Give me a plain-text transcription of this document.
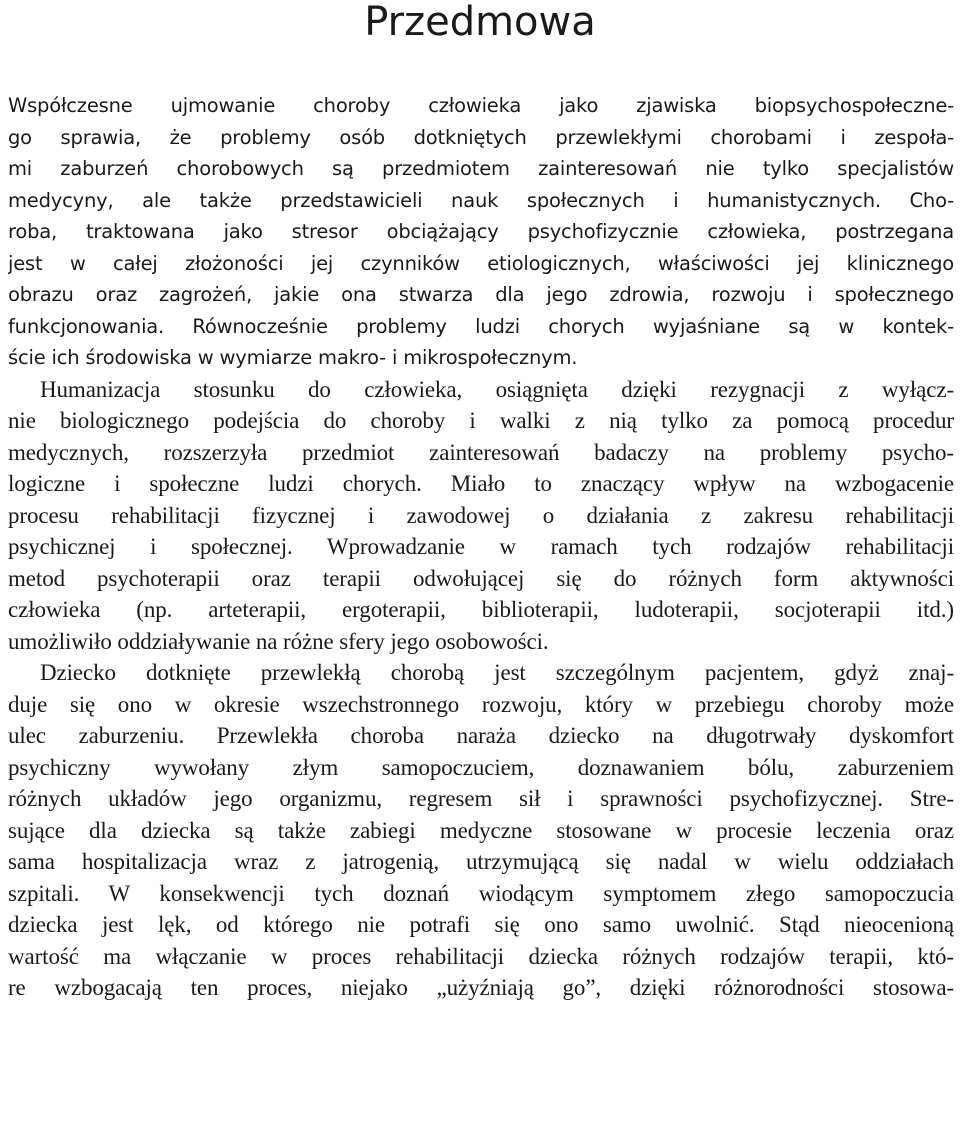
Przedmowa
Współczesne ujmowanie choroby człowieka jako zjawiska biopsychospołeczne-
go sprawia, że problemy osób dotkniętych przewlekłymi chorobami i zespoła-
mi zaburzeń chorobowych są przedmiotem zainteresowań nie tylko specjalistów
medycyny, ale także przedstawicieli nauk społecznych i humanistycznych. Cho-
roba, traktowana jako stresor obciążający psychofizycznie człowieka, postrzegana
jest w całej złożoności jej czynników etiologicznych, właściwości jej klinicznego
obrazu oraz zagrożeń, jakie ona stwarza dla jego zdrowia, rozwoju i społecznego
funkcjonowania. Równocześnie problemy ludzi chorych wyjaśniane są w kontek-
ście ich środowiska w wymiarze makro- i mikrospołecznym.
Humanizacja stosunku do człowieka, osiągnięta dzięki rezygnacji z wyłącz-
nie biologicznego podejścia do choroby i walki z nią tylko za pomocą procedur
medycznych, rozszerzyła przedmiot zainteresowań badaczy na problemy psycho-
logiczne i społeczne ludzi chorych. Miało to znaczący wpływ na wzbogacenie
procesu rehabilitacji fizycznej i zawodowej o działania z zakresu rehabilitacji
psychicznej i społecznej. Wprowadzanie w ramach tych rodzajów rehabilitacji
metod psychoterapii oraz terapii odwołującej się do różnych form aktywności
człowieka (np. arteterapii, ergoterapii, biblioterapii, ludoterapii, socjoterapii itd.)
umożliwiło oddziaływanie na różne sfery jego osobowości.
Dziecko dotknięte przewlekłą chorobą jest szczególnym pacjentem, gdyż znaj-
duje się ono w okresie wszechstronnego rozwoju, który w przebiegu choroby może
ulec zaburzeniu. Przewlekła choroba naraża dziecko na długotrwały dyskomfort
psychiczny wywołany złym samopoczuciem, doznawaniem bólu, zaburzeniem
różnych układów jego organizmu, regresem sił i sprawności psychofizycznej. Stre-
sujące dla dziecka są także zabiegi medyczne stosowane w procesie leczenia oraz
sama hospitalizacja wraz z jatrogenią, utrzymującą się nadal w wielu oddziałach
szpitali. W konsekwencji tych doznań wiodącym symptomem złego samopoczucia
dziecka jest lęk, od którego nie potrafi się ono samo uwolnić. Stąd nieocenioną
wartość ma włączanie w proces rehabilitacji dziecka różnych rodzajów terapii, któ-
re wzbogacają ten proces, niejako „użyźniają go”, dzięki różnorodności stosowa-
